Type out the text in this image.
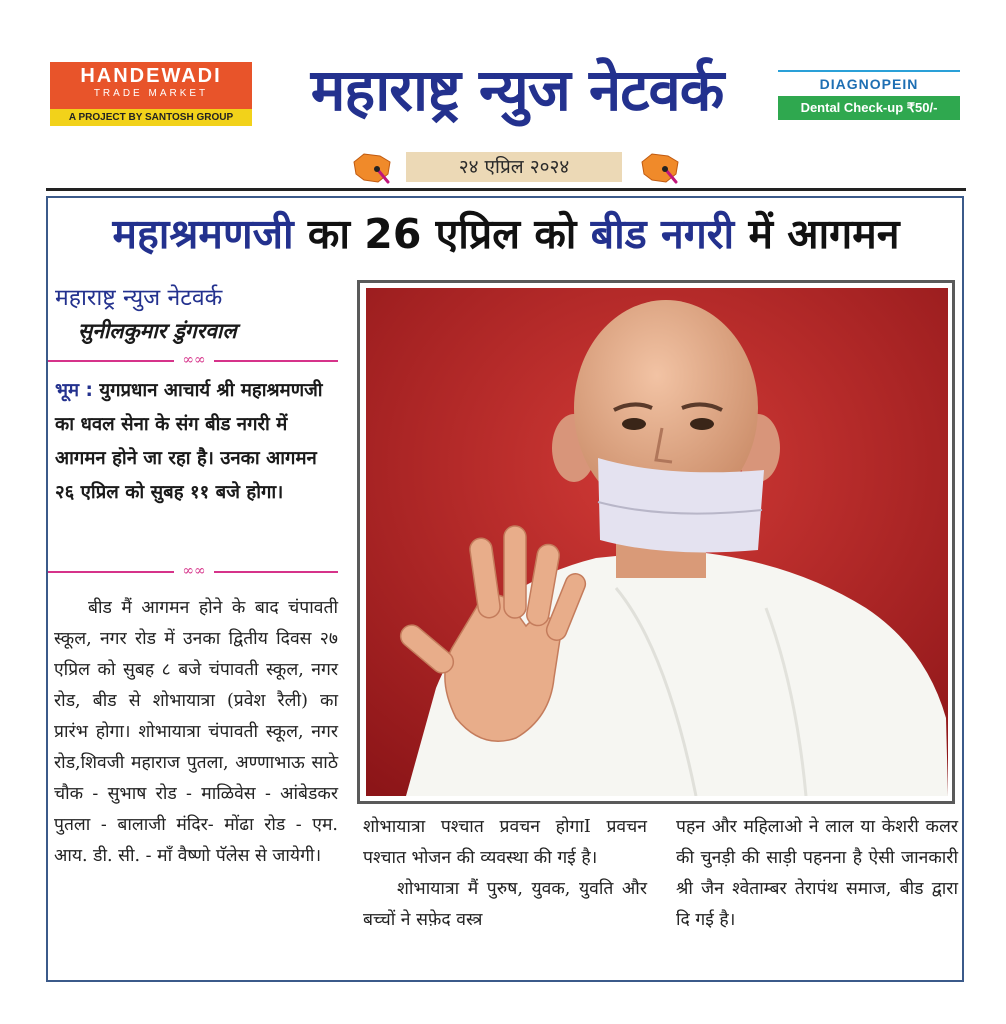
HANDEWADI
TRADE MARKET
A PROJECT BY SANTOSH GROUP	महाराष्ट्र न्युज नेटवर्क	DIAGNOPEIN
Dental Check-up ₹50/-
२४ एप्रिल २०२४
महाश्रमणजी का 26 एप्रिल को बीड नगरी में आगमन
महाराष्ट्र न्युज नेटवर्क
सुनीलकुमार डुंगरवाल
∞∞
भूम : युगप्रधान आचार्य श्री महाश्रमणजी का धवल सेना के संग बीड नगरी में आगमन होने जा रहा है। उनका आगमन २६ एप्रिल को सुबह ११ बजे होगा।
∞∞

बीड मैं आगमन होने के बाद चंपावती स्कूल, नगर रोड में उनका द्वितीय दिवस २७ एप्रिल को सुबह ८ बजे चंपावती स्कूल, नगर रोड, बीड से शोभायात्रा (प्रवेश रैली) का प्रारंभ होगा। शोभायात्रा चंपावती स्कूल, नगर रोड,शिवजी महाराज पुतला, अण्णाभाऊ साठे चौक - सुभाष रोड - माळिवेस - आंबेडकर पुतला - बालाजी मंदिर- मोंढा रोड - एम. आय. डी. सी. - माँ वैष्णो पॅलेस से जायेगी।

शोभायात्रा पश्चात प्रवचन होगाI प्रवचन पश्चात भोजन की व्यवस्था की गई है।

शोभायात्रा मैं पुरुष, युवक, युवति और बच्चों ने सफ़ेद वस्त्र

पहन और महिलाओ ने लाल या केशरी कलर की चुनड़ी की साड़ी पहनना है ऐसी जानकारी श्री जैन श्वेताम्बर तेरापंथ समाज, बीड द्वारा दि गई है।
